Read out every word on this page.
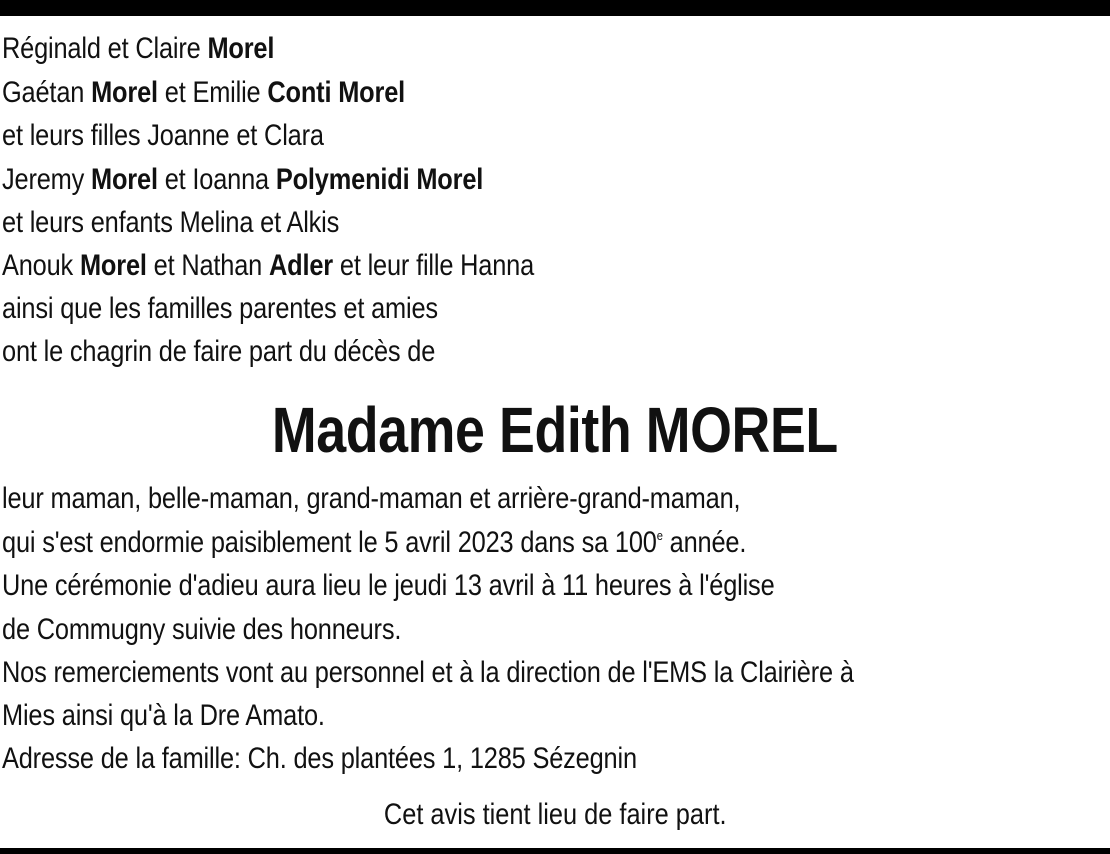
Réginald et Claire Morel
Gaétan Morel et Emilie Conti Morel
et leurs filles Joanne et Clara
Jeremy Morel et Ioanna Polymenidi Morel
et leurs enfants Melina et Alkis
Anouk Morel et Nathan Adler et leur fille Hanna
ainsi que les familles parentes et amies
ont le chagrin de faire part du décès de
Madame Edith MOREL
leur maman, belle-maman, grand-maman et arrière-grand-maman,
qui s'est endormie paisiblement le 5 avril 2023 dans sa 100e année.
Une cérémonie d'adieu aura lieu le jeudi 13 avril à 11 heures à l'église
de Commugny suivie des honneurs.
Nos remerciements vont au personnel et à la direction de l'EMS la Clairière à
Mies ainsi qu'à la Dre Amato.
Adresse de la famille: Ch. des plantées 1, 1285 Sézegnin
Cet avis tient lieu de faire part.
